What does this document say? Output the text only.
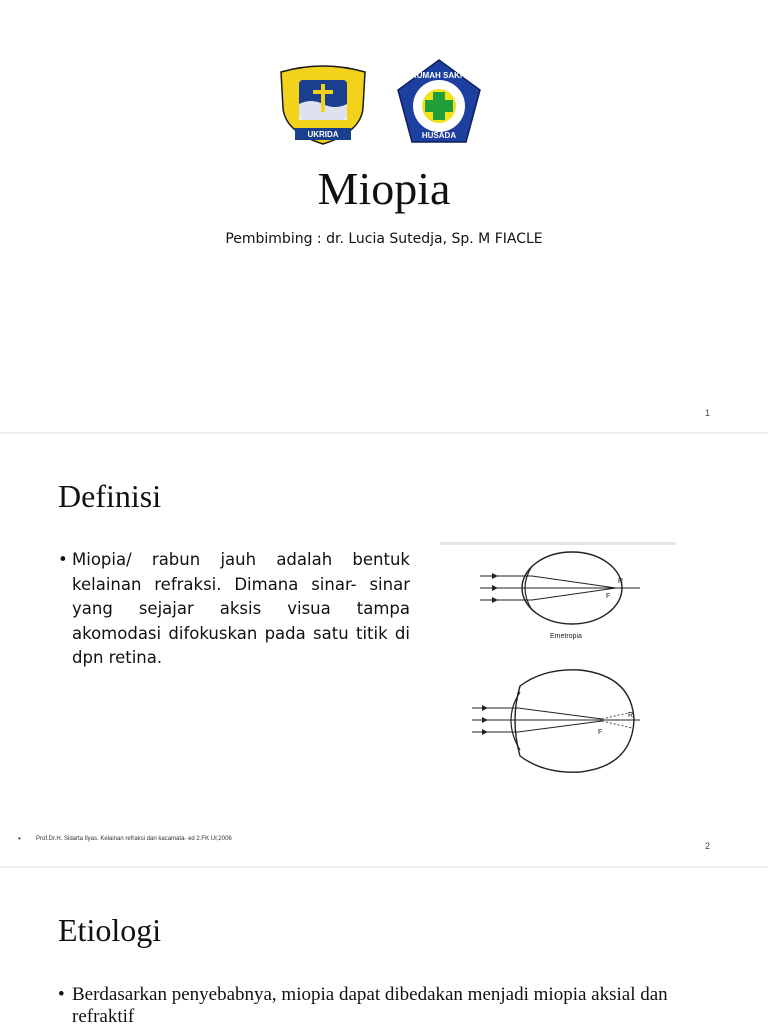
UKRIDA
RUMAH SAKIT
HUSADA
Miopia
Pembimbing : dr. Lucia Sutedja, Sp. M FIACLE
1
Definisi
• Miopia/ rabun jauh adalah bentuk kelainan refraksi. Dimana sinar- sinar yang sejajar aksis visua tampa akomodasi difokuskan pada satu titik di dpn retina.
R
F
Emetropia
R
F
•	Prof.Dr.H. Sidarta Ilyas. Kelainan refraksi dan kacamata- ed 2.FK UI;2006
2
Etiologi
• Berdasarkan penyebabnya, miopia dapat dibedakan menjadi miopia aksial dan refraktif
